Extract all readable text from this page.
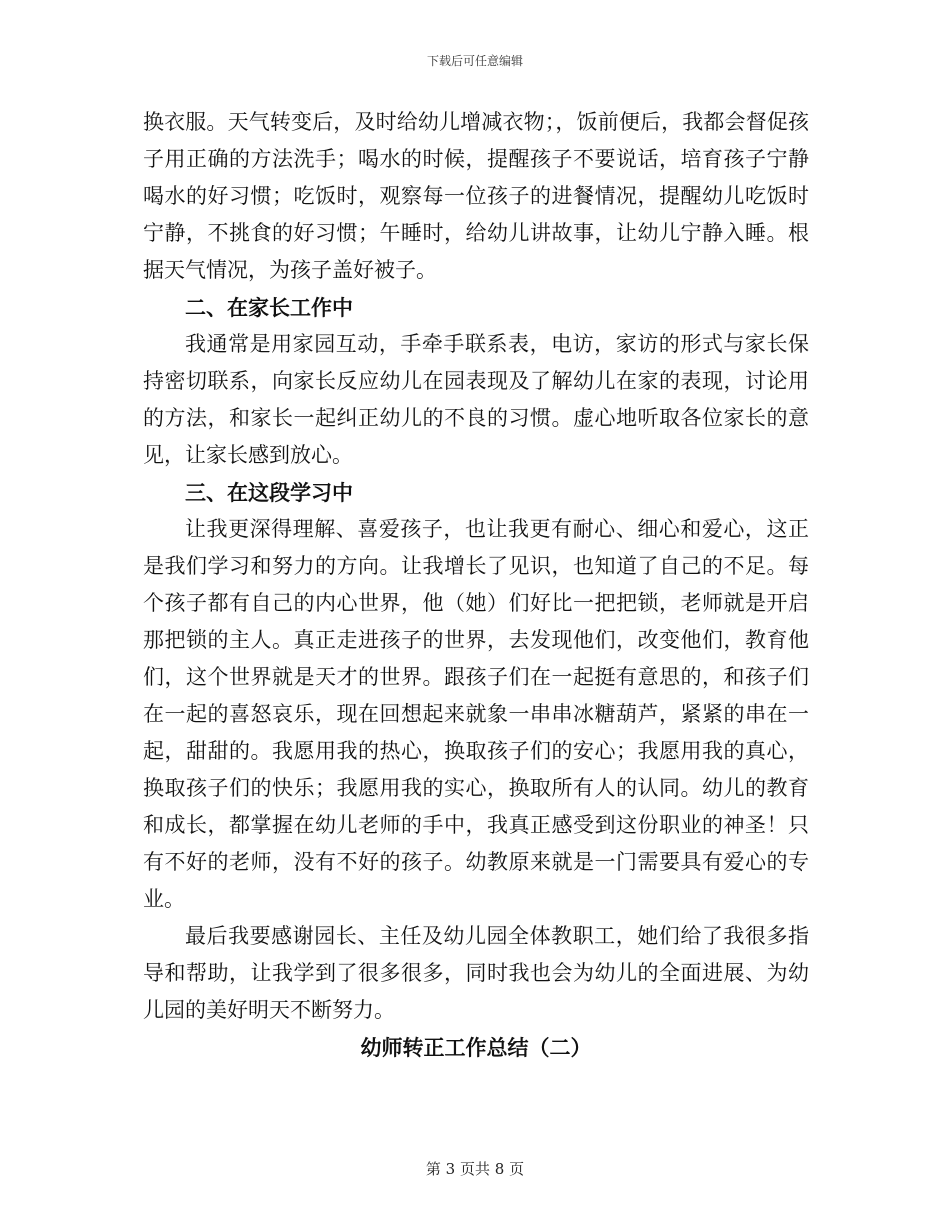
下载后可任意编辑

换衣服。天气转变后，及时给幼儿增减衣物；，饭前便后，我都会督促孩子用正确的方法洗手；喝水的时候，提醒孩子不要说话，培育孩子宁静喝水的好习惯；吃饭时，观察每一位孩子的进餐情况，提醒幼儿吃饭时宁静，不挑食的好习惯；午睡时，给幼儿讲故事，让幼儿宁静入睡。根据天气情况，为孩子盖好被子。

二、在家长工作中

我通常是用家园互动，手牵手联系表，电访，家访的形式与家长保持密切联系，向家长反应幼儿在园表现及了解幼儿在家的表现，讨论用的方法，和家长一起纠正幼儿的不良的习惯。虚心地听取各位家长的意见，让家长感到放心。

三、在这段学习中

让我更深得理解、喜爱孩子，也让我更有耐心、细心和爱心，这正是我们学习和努力的方向。让我增长了见识，也知道了自己的不足。每个孩子都有自己的内心世界，他（她）们好比一把把锁，老师就是开启那把锁的主人。真正走进孩子的世界，去发现他们，改变他们，教育他们，这个世界就是天才的世界。跟孩子们在一起挺有意思的，和孩子们在一起的喜怒哀乐，现在回想起来就象一串串冰糖葫芦，紧紧的串在一起，甜甜的。我愿用我的热心，换取孩子们的安心；我愿用我的真心，换取孩子们的快乐；我愿用我的实心，换取所有人的认同。幼儿的教育和成长，都掌握在幼儿老师的手中，我真正感受到这份职业的神圣！只有不好的老师，没有不好的孩子。幼教原来就是一门需要具有爱心的专业。

最后我要感谢园长、主任及幼儿园全体教职工，她们给了我很多指导和帮助，让我学到了很多很多，同时我也会为幼儿的全面进展、为幼儿园的美好明天不断努力。

幼师转正工作总结（二）

第 3 页共 8 页
